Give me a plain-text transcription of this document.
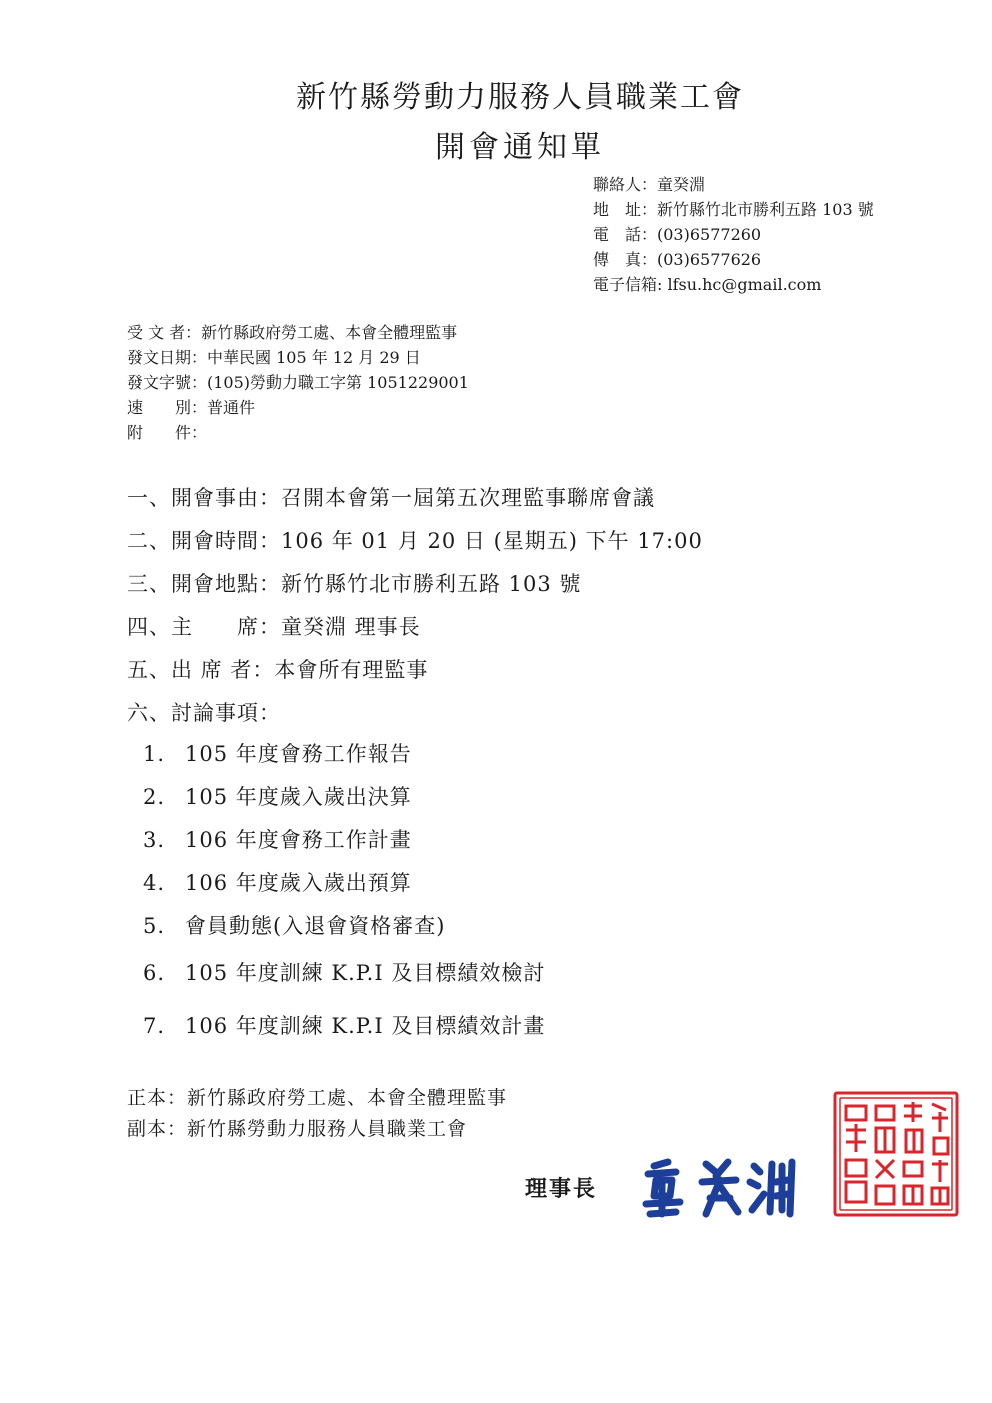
新竹縣勞動力服務人員職業工會
開會通知單
聯絡人：童癸淵
地　址：新竹縣竹北市勝利五路 103 號
電　話：(03)6577260
傳　真：(03)6577626
電子信箱: lfsu.hc@gmail.com
受 文 者：新竹縣政府勞工處、本會全體理監事
發文日期：中華民國 105 年 12 月 29 日
發文字號：(105)勞動力職工字第 1051229001
速　　別：普通件
附　　件：
一、開會事由：召開本會第一屆第五次理監事聯席會議
二、開會時間：106 年 01 月 20 日 (星期五) 下午 17:00
三、開會地點：新竹縣竹北市勝利五路 103 號
四、主　　席：童癸淵 理事長
五、出 席 者：本會所有理監事
六、討論事項：
1. 105 年度會務工作報告
2. 105 年度歲入歲出決算
3. 106 年度會務工作計畫
4. 106 年度歲入歲出預算
5. 會員動態(入退會資格審查)
6. 105 年度訓練 K.P.I 及目標績效檢討
7. 106 年度訓練 K.P.I 及目標績效計畫
正本：新竹縣政府勞工處、本會全體理監事
副本：新竹縣勞動力服務人員職業工會
理事長
